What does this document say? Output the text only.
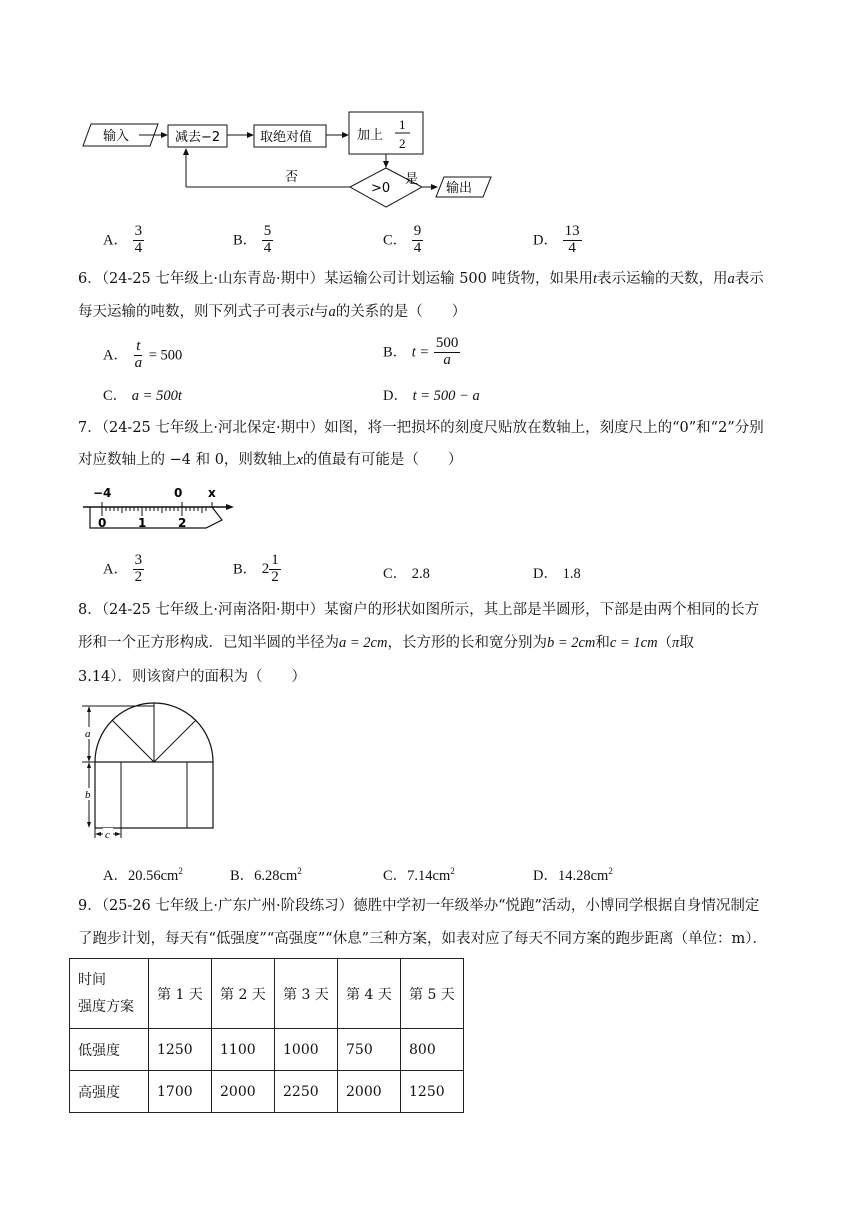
输入	减去−2	取绝对值	加上
1
2
>0
否	是
输出
A． $\frac{3}{4}$	B． $\frac{5}{4}$	C． $\frac{9}{4}$	D． $\frac{13}{4}$
6．（24-25 七年级上·山东青岛·期中）某运输公司计划运输 500 吨货物，如果用t表示运输的天数，用a表示
每天运输的吨数，则下列式子可表示t与a的关系的是（　　）
A． $\frac{t}{a} = 500$	B． $t = \frac{500}{a}$
C． a = 500t	D． t = 500 − a
7．（24-25 七年级上·河北保定·期中）如图，将一把损坏的刻度尺贴放在数轴上，刻度尺上的“0”和“2”分别
对应数轴上的 −4 和 0，则数轴上x的值最有可能是（　　）
−4	0 x
0	1	2
A． $\frac{3}{2}$	B． $2 \frac{1}{2}$	C． 2.8	D． 1.8
8．（24-25 七年级上·河南洛阳·期中）某窗户的形状如图所示，其上部是半圆形，下部是由两个相同的长方
形和一个正方形构成．已知半圆的半径为a = 2cm，长方形的长和宽分别为b = 2cm和c = 1cm（π取
3.14）．则该窗户的面积为（　　）
a
b
c
A．$20.56cm^2$	B．$6.28cm^2$	C．$7.14cm^2$	D．$14.28cm^2$
9．（25-26 七年级上·广东广州·阶段练习）德胜中学初一年级举办“悦跑”活动，小博同学根据自身情况制定
了跑步计划，每天有“低强度”“高强度”“休息”三种方案，如表对应了每天不同方案的跑步距离（单位：m）．
时间
强度方案	第 1 天	第 2 天	第 3 天	第 4 天	第 5 天
低强度	1250	1100	1000	750	800
高强度	1700	2000	2250	2000	1250
